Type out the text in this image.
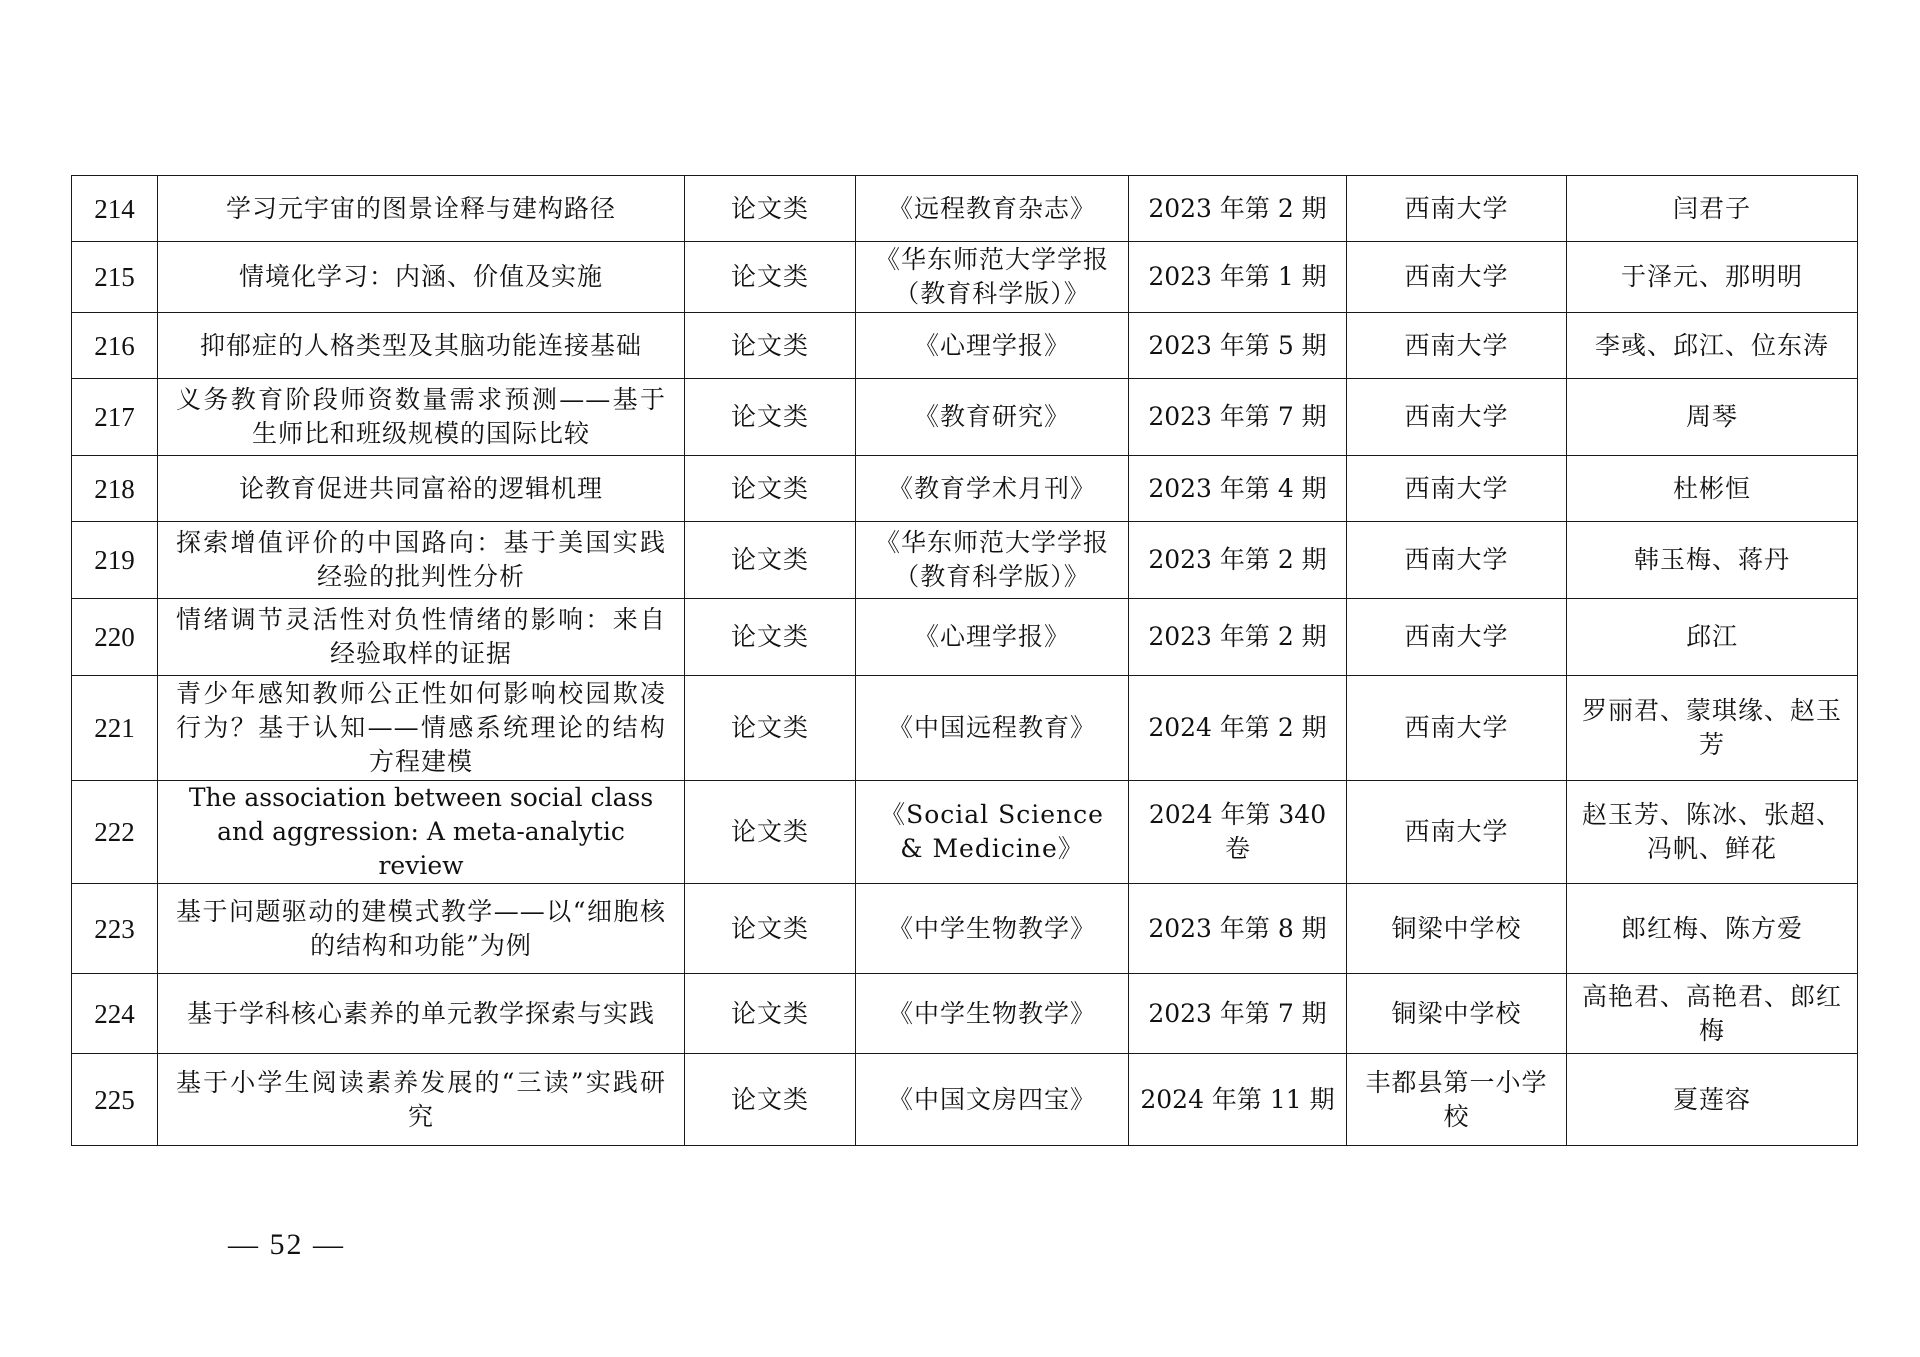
214	学习元宇宙的图景诠释与建构路径	论文类	《远程教育杂志》	2023 年第 2 期	西南大学	闫君子
215	情境化学习：内涵、价值及实施	论文类	《华东师范大学学报（教育科学版）》	2023 年第 1 期	西南大学	于泽元、那明明
216	抑郁症的人格类型及其脑功能连接基础	论文类	《心理学报》	2023 年第 5 期	西南大学	李彧、邱江、位东涛
217	义务教育阶段师资数量需求预测——基于生师比和班级规模的国际比较	论文类	《教育研究》	2023 年第 7 期	西南大学	周琴
218	论教育促进共同富裕的逻辑机理	论文类	《教育学术月刊》	2023 年第 4 期	西南大学	杜彬恒
219	探索增值评价的中国路向：基于美国实践经验的批判性分析	论文类	《华东师范大学学报（教育科学版）》	2023 年第 2 期	西南大学	韩玉梅、蒋丹
220	情绪调节灵活性对负性情绪的影响：来自经验取样的证据	论文类	《心理学报》	2023 年第 2 期	西南大学	邱江
221	青少年感知教师公正性如何影响校园欺凌行为？基于认知——情感系统理论的结构方程建模	论文类	《中国远程教育》	2024 年第 2 期	西南大学	罗丽君、蒙琪缘、赵玉芳
222	The association between social class and aggression: A meta-analytic review	论文类	《Social Science & Medicine》	2024 年第 340 卷	西南大学	赵玉芳、陈冰、张超、冯帆、鲜花
223	基于问题驱动的建模式教学——以“细胞核的结构和功能”为例	论文类	《中学生物教学》	2023 年第 8 期	铜梁中学校	郎红梅、陈方爱
224	基于学科核心素养的单元教学探索与实践	论文类	《中学生物教学》	2023 年第 7 期	铜梁中学校	高艳君、高艳君、郎红梅
225	基于小学生阅读素养发展的“三读”实践研究	论文类	《中国文房四宝》	2024 年第 11 期	丰都县第一小学校	夏莲容
— 52 —
